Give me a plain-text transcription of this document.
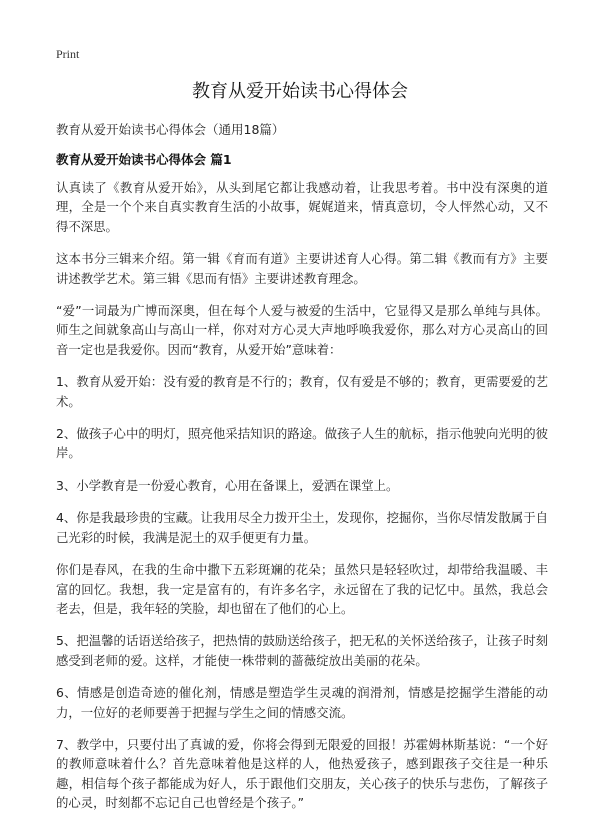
Print
教育从爱开始读书心得体会
教育从爱开始读书心得体会（通用18篇）
教育从爱开始读书心得体会 篇1

认真读了《教育从爱开始》，从头到尾它都让我感动着，让我思考着。书中没有深奥的道理，全是一个个来自真实教育生活的小故事，娓娓道来，情真意切，令人怦然心动，又不得不深思。

这本书分三辑来介绍。第一辑《育而有道》主要讲述育人心得。第二辑《教而有方》主要讲述教学艺术。第三辑《思而有悟》主要讲述教育理念。

“爱”一词最为广博而深奥，但在每个人爱与被爱的生活中，它显得又是那么单纯与具体。师生之间就象高山与高山一样，你对对方心灵大声地呼唤我爱你，那么对方心灵高山的回音一定也是我爱你。因而“教育，从爱开始”意味着：

1、教育从爱开始：没有爱的教育是不行的；教育，仅有爱是不够的；教育，更需要爱的艺术。

2、做孩子心中的明灯，照亮他采拮知识的路途。做孩子人生的航标，指示他驶向光明的彼岸。

3、小学教育是一份爱心教育，心用在备课上，爱洒在课堂上。

4、你是我最珍贵的宝藏。让我用尽全力拨开尘土，发现你，挖掘你，当你尽情发散属于自己光彩的时候，我满是泥土的双手便更有力量。

你们是春风，在我的生命中撒下五彩斑斓的花朵；虽然只是轻轻吹过，却带给我温暖、丰富的回忆。我想，我一定是富有的，有许多名字，永远留在了我的记忆中。虽然，我总会老去，但是，我年轻的笑脸，却也留在了他们的心上。

5、把温馨的话语送给孩子，把热情的鼓励送给孩子，把无私的关怀送给孩子，让孩子时刻感受到老师的爱。这样，才能使一株带刺的蔷薇绽放出美丽的花朵。

6、情感是创造奇迹的催化剂，情感是塑造学生灵魂的润滑剂，情感是挖掘学生潜能的动力，一位好的老师要善于把握与学生之间的情感交流。

7、教学中，只要付出了真诚的爱，你将会得到无限爱的回报！苏霍姆林斯基说：“一个好的教师意味着什么？首先意味着他是这样的人，他热爱孩子，感到跟孩子交往是一种乐趣，相信每个孩子都能成为好人，乐于跟他们交朋友，关心孩子的快乐与悲伤，了解孩子的心灵，时刻都不忘记自己也曾经是个孩子。”
